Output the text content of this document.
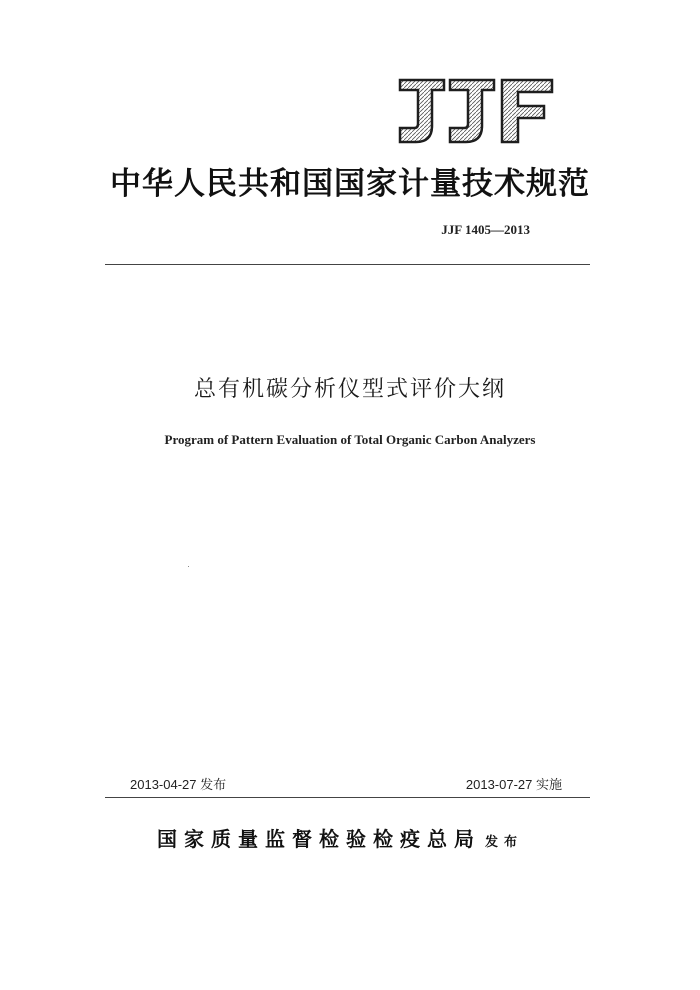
中华人民共和国国家计量技术规范
JJF 1405—2013
总有机碳分析仪型式评价大纲
Program of Pattern Evaluation of Total Organic Carbon Analyzers
2013-04-27 发布	2013-07-27 实施
国家质量监督检验检疫总局 发布
